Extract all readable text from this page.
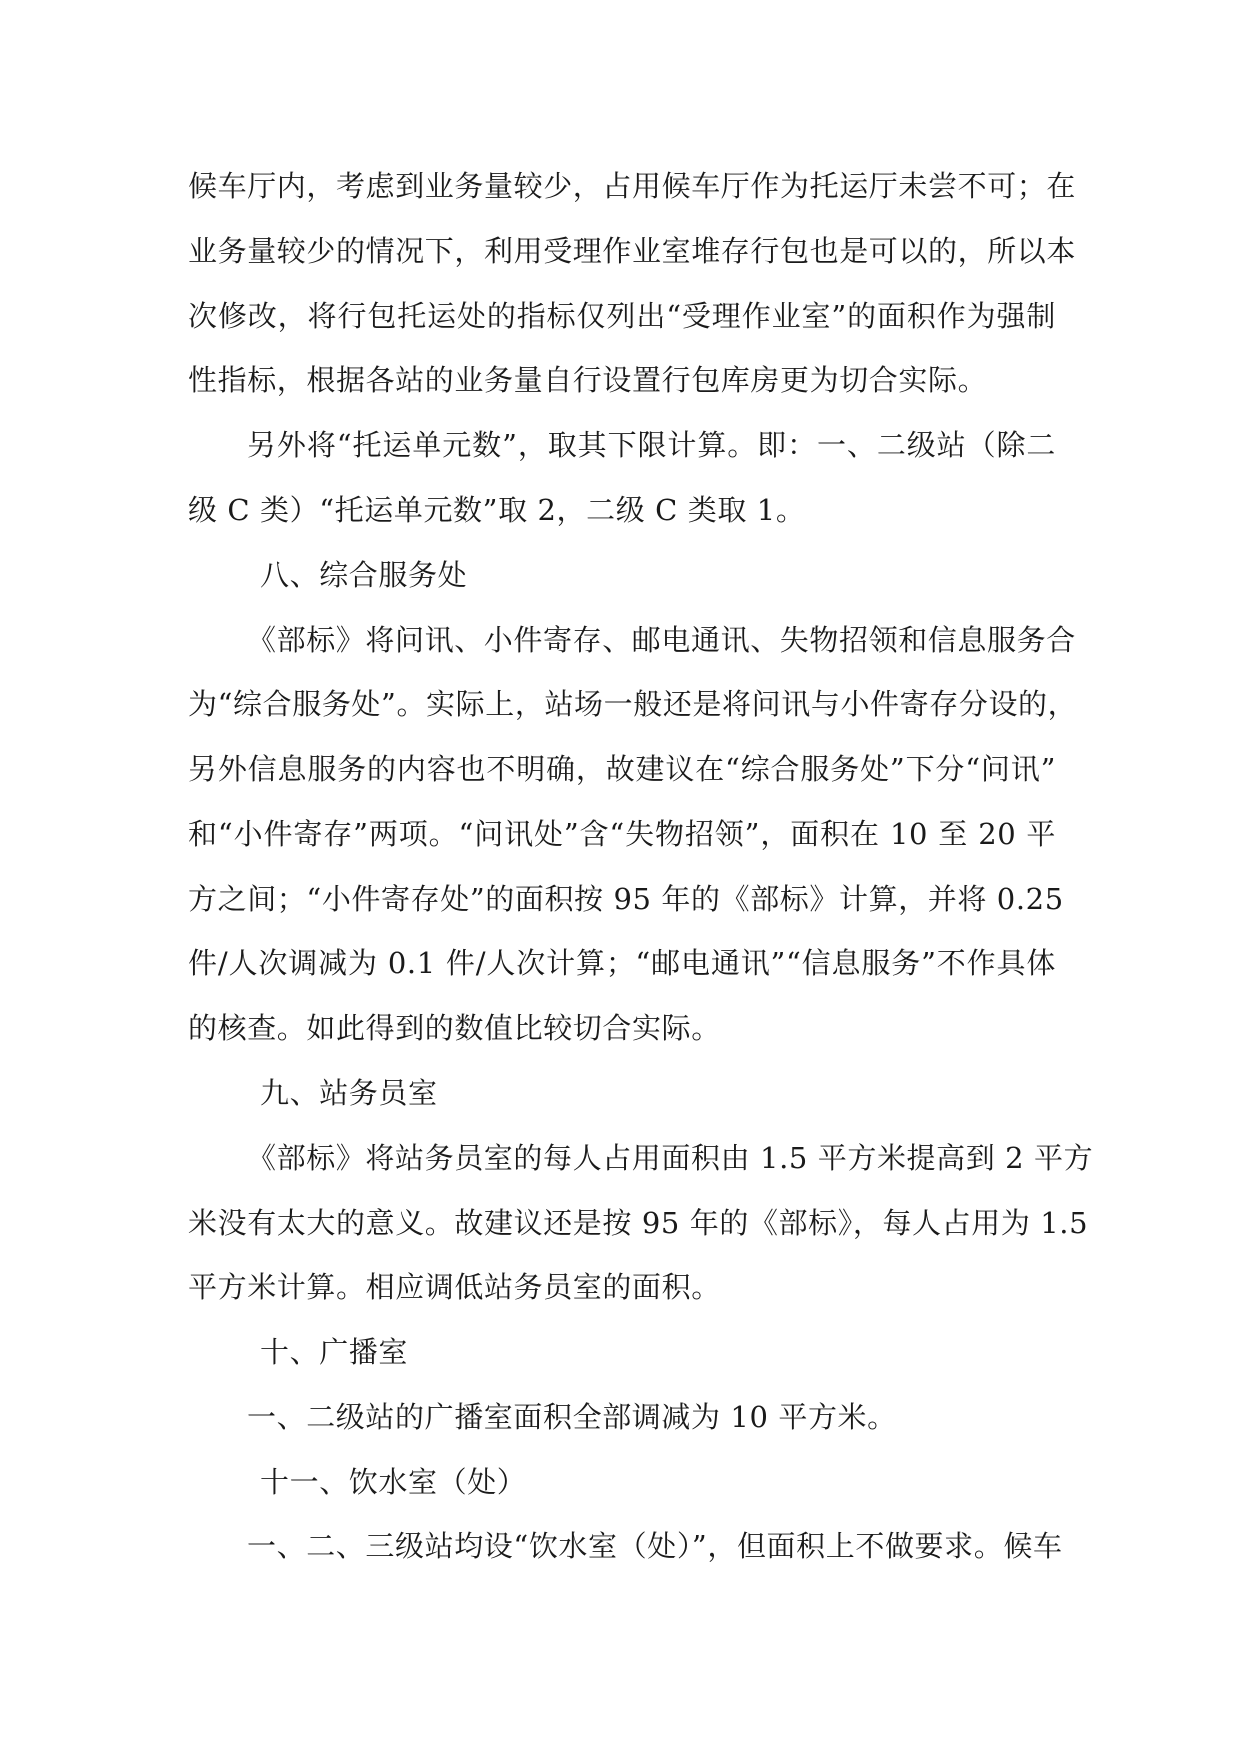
候车厅内，考虑到业务量较少，占用候车厅作为托运厅未尝不可；在
业务量较少的情况下，利用受理作业室堆存行包也是可以的，所以本
次修改，将行包托运处的指标仅列出“受理作业室”的面积作为强制
性指标，根据各站的业务量自行设置行包库房更为切合实际。
另外将“托运单元数”，取其下限计算。即：一、二级站（除二
级 C 类）“托运单元数”取 2，二级 C 类取 1。
八、综合服务处
《部标》将问讯、小件寄存、邮电通讯、失物招领和信息服务合
为“综合服务处”。实际上，站场一般还是将问讯与小件寄存分设的，
另外信息服务的内容也不明确，故建议在“综合服务处”下分“问讯”
和“小件寄存”两项。“问讯处”含“失物招领”，面积在 10 至 20 平
方之间；“小件寄存处”的面积按 95 年的《部标》计算，并将 0.25
件/人次调减为 0.1 件/人次计算；“邮电通讯”“信息服务”不作具体
的核查。如此得到的数值比较切合实际。
九、站务员室
《部标》将站务员室的每人占用面积由 1.5 平方米提高到 2 平方
米没有太大的意义。故建议还是按 95 年的《部标》，每人占用为 1.5
平方米计算。相应调低站务员室的面积。
十、广播室
一、二级站的广播室面积全部调减为 10 平方米。
十一、饮水室（处）
一、二、三级站均设“饮水室（处）”，但面积上不做要求。候车
